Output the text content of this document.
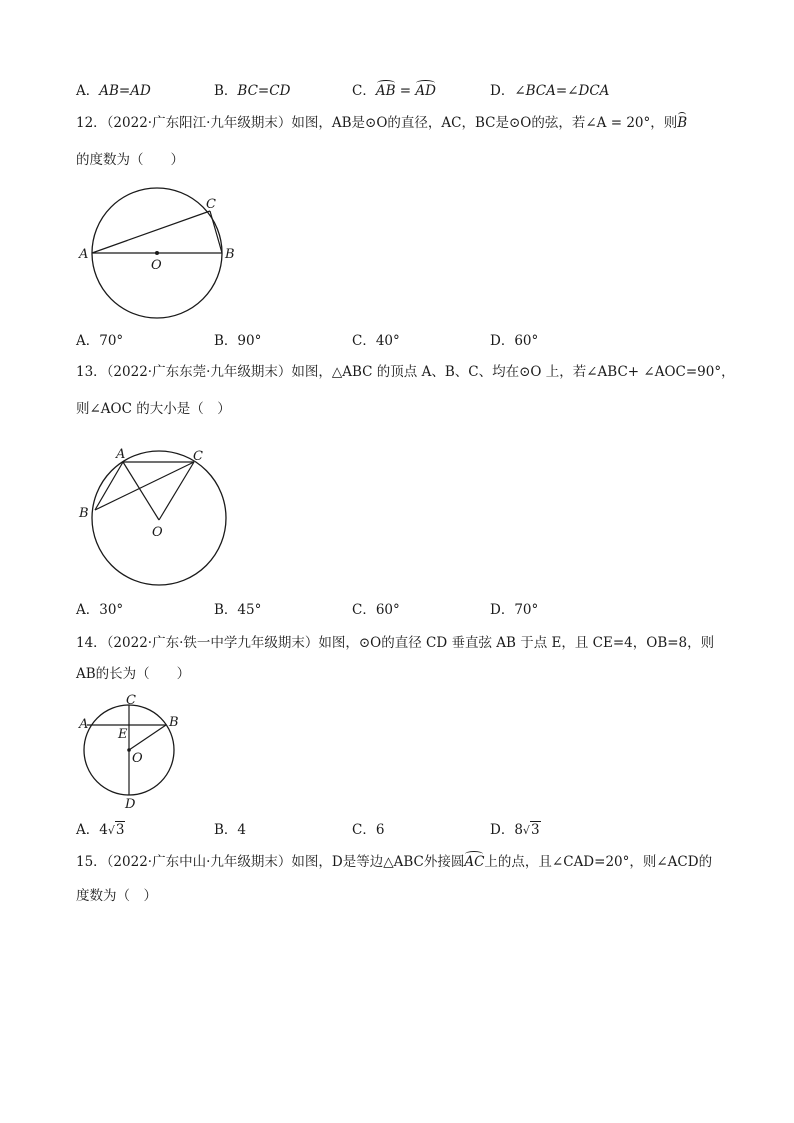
A．AB=AD	B．BC=CD	C．AB = AD	D．∠BCA=∠DCA
12．（2022·广东阳江·九年级期末）如图，AB是⊙O的直径，AC，BC是⊙O的弦，若∠A = 20°，则B
的度数为（　　）
A	B
C
O
A．70°	B．90°	C．40°	D．60°
13．（2022·广东东莞·九年级期末）如图，△ABC 的顶点 A、B、C、均在⊙O 上，若∠ABC+ ∠AOC=90°，
则∠AOC 的大小是（　）
A	C
B
O
A．30°	B．45°	C．60°	D．70°
14．（2022·广东·铁一中学九年级期末）如图，⊙O的直径 CD 垂直弦 AB 于点 E，且 CE=4，OB=8，则
AB的长为（　　）
C
A	B
E
O
D
A．4√3	B．4	C．6	D．8√3
15．（2022·广东中山·九年级期末）如图，D是等边△ABC外接圆AC上的点，且∠CAD=20°，则∠ACD的
度数为（　）
